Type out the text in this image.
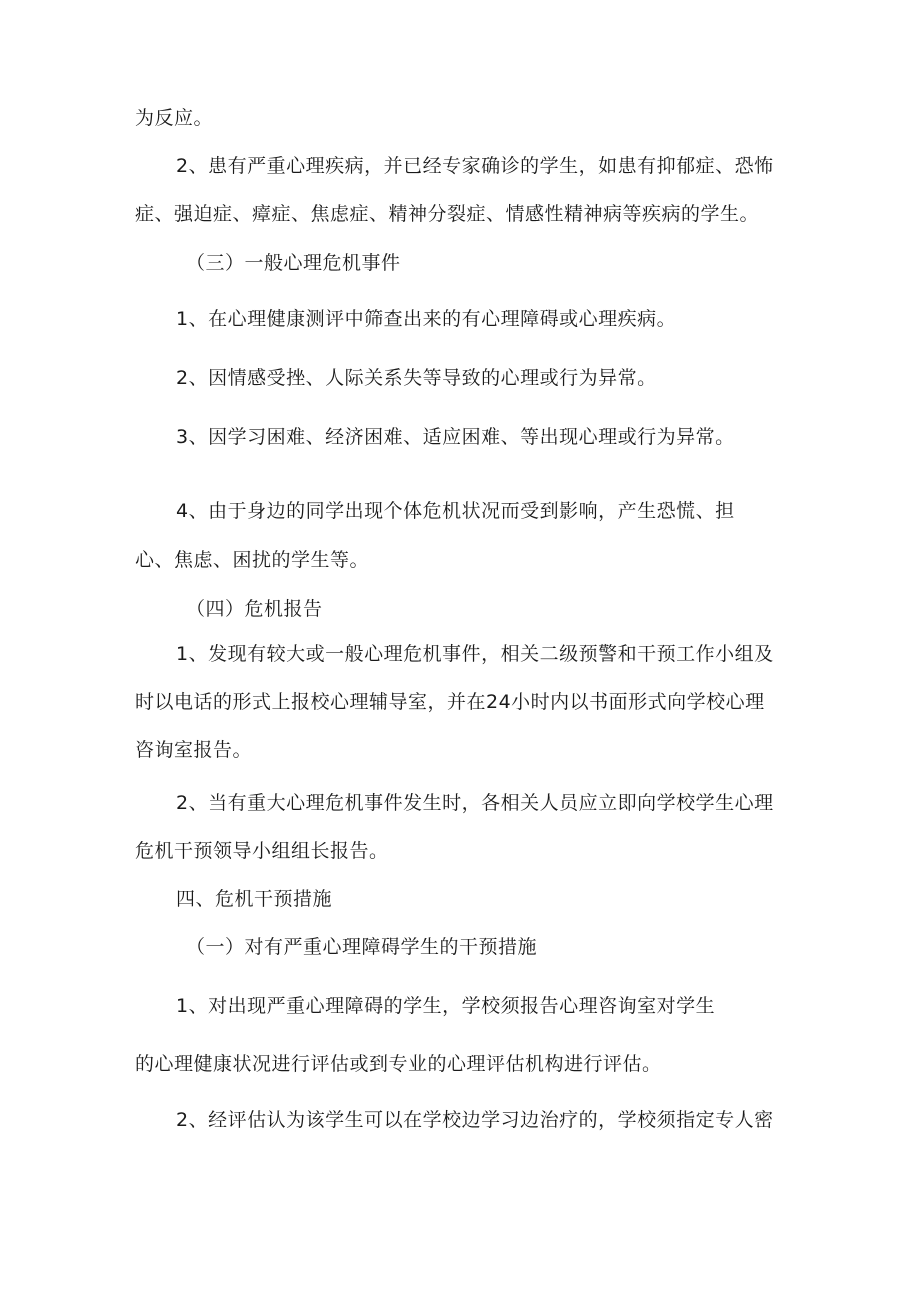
为反应。
2、患有严重心理疾病，并已经专家确诊的学生，如患有抑郁症、恐怖
症、强迫症、瘴症、焦虑症、精神分裂症、情感性精神病等疾病的学生。
（三）一般心理危机事件
1、在心理健康测评中筛查出来的有心理障碍或心理疾病。
2、因情感受挫、人际关系失等导致的心理或行为异常。
3、因学习困难、经济困难、适应困难、等出现心理或行为异常。
4、由于身边的同学出现个体危机状况而受到影响，产生恐慌、担
心、焦虑、困扰的学生等。
（四）危机报告
1、发现有较大或一般心理危机事件，相关二级预警和干预工作小组及
时以电话的形式上报校心理辅导室，并在24小时内以书面形式向学校心理
咨询室报告。
2、当有重大心理危机事件发生时，各相关人员应立即向学校学生心理
危机干预领导小组组长报告。
四、危机干预措施
（一）对有严重心理障碍学生的干预措施
1、对出现严重心理障碍的学生，学校须报告心理咨询室对学生
的心理健康状况进行评估或到专业的心理评估机构进行评估。
2、经评估认为该学生可以在学校边学习边治疗的，学校须指定专人密
